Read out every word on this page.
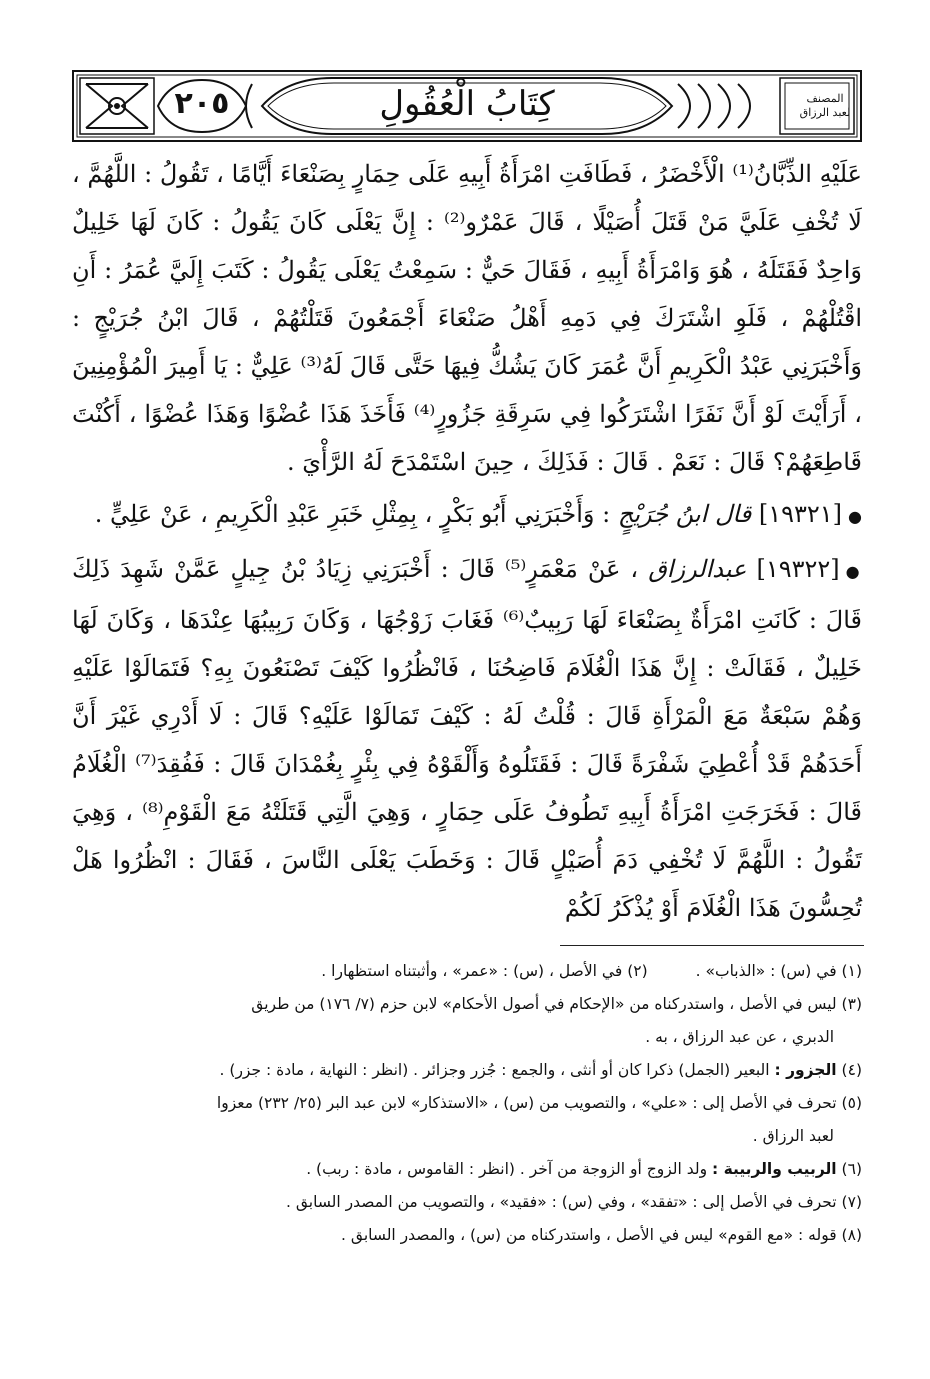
٢٠٥	كِتَابُ الْعُقُولِ	المصنف
لعبد الرزاق

عَلَيْهِ الذِّبَّانُ⁽¹⁾ الْأَخْضَرُ ، فَطَافَتِ امْرَأَةُ أَبِيهِ عَلَى حِمَارٍ بِصَنْعَاءَ أَيَّامًا ، تَقُولُ : اللَّهُمَّ ، لَا تُخْفِ عَلَيَّ مَنْ قَتَلَ أُصَيْلًا ، قَالَ عَمْرٌو⁽²⁾ : إِنَّ يَعْلَى كَانَ يَقُولُ : كَانَ لَهَا خَلِيلٌ وَاحِدٌ فَقَتَلَهُ ، هُوَ وَامْرَأَةُ أَبِيهِ ، فَقَالَ حَيٌّ : سَمِعْتُ يَعْلَى يَقُولُ : كَتَبَ إِلَيَّ عُمَرُ : أَنِ اقْتُلْهُمْ ، فَلَوِ اشْتَرَكَ فِي دَمِهِ أَهْلُ صَنْعَاءَ أَجْمَعُونَ قَتَلْتُهُمْ ، قَالَ ابْنُ جُرَيْجٍ : وَأَخْبَرَنِي عَبْدُ الْكَرِيمِ أَنَّ عُمَرَ كَانَ يَشُكُّ فِيهَا حَتَّى قَالَ لَهُ⁽³⁾ عَلِيٌّ : يَا أَمِيرَ الْمُؤْمِنِينَ ، أَرَأَيْتَ لَوْ أَنَّ نَفَرًا اشْتَرَكُوا فِي سَرِقَةِ جَزُورٍ⁽⁴⁾ فَأَخَذَ هَذَا عُضْوًا وَهَذَا عُضْوًا ، أَكُنْتَ قَاطِعَهُمْ؟ قَالَ : نَعَمْ . قَالَ : فَذَلِكَ ، حِينَ اسْتَمْدَحَ لَهُ الرَّأْيَ .

●[١٩٣٢١] قال ابنُ جُرَيْجٍ : وَأَخْبَرَنِي أَبُو بَكْرٍ ، بِمِثْلِ خَبَرِ عَبْدِ الْكَرِيمِ ، عَنْ عَلِيٍّ .

●[١٩٣٢٢] عبدالرزاق ، عَنْ مَعْمَرٍ⁽⁵⁾ قَالَ : أَخْبَرَنِي زِيَادُ بْنُ جِيلٍ عَمَّنْ شَهِدَ ذَلِكَ قَالَ : كَانَتِ امْرَأَةٌ بِصَنْعَاءَ لَهَا رَبِيبٌ⁽⁶⁾ فَغَابَ زَوْجُهَا ، وَكَانَ رَبِيبُهَا عِنْدَهَا ، وَكَانَ لَهَا خَلِيلٌ ، فَقَالَتْ : إِنَّ هَذَا الْغُلَامَ فَاضِحُنَا ، فَانْظُرُوا كَيْفَ تَصْنَعُونَ بِهِ؟ فَتَمَالَوْا عَلَيْهِ وَهُمْ سَبْعَةٌ مَعَ الْمَرْأَةِ قَالَ : قُلْتُ لَهُ : كَيْفَ تَمَالَوْا عَلَيْهِ؟ قَالَ : لَا أَدْرِي غَيْرَ أَنَّ أَحَدَهُمْ قَدْ أُعْطِيَ شَفْرَةً قَالَ : فَقَتَلُوهُ وَأَلْقَوْهُ فِي بِئْرٍ بِغُمْدَانَ قَالَ : فَفُقِدَ⁽⁷⁾ الْغُلَامُ قَالَ : فَخَرَجَتِ امْرَأَةُ أَبِيهِ تَطُوفُ عَلَى حِمَارٍ ، وَهِيَ الَّتِي قَتَلَتْهُ مَعَ الْقَوْمِ⁽⁸⁾ ، وَهِيَ تَقُولُ : اللَّهُمَّ لَا تُخْفِي دَمَ أُصَيْلٍ قَالَ : وَخَطَبَ يَعْلَى النَّاسَ ، فَقَالَ : انْظُرُوا هَلْ تُحِسُّونَ هَذَا الْغُلَامَ أَوْ يُذْكَرُ لَكُمْ

(١) في (س) : «الذباب» .

(٢) في الأصل ، (س) : «عمر» ، وأثبتناه استظهارا .

(٣) ليس في الأصل ، واستدركناه من «الإحكام في أصول الأحكام» لابن حزم (٧/ ١٧٦) من طريق

الدبري ، عن عبد الرزاق ، به .

(٤) الجزور : البعير (الجمل) ذكرا كان أو أنثى ، والجمع : جُزر وجزائر . (انظر : النهاية ، مادة : جزر) .

(٥) تحرف في الأصل إلى : «علي» ، والتصويب من (س) ، «الاستذكار» لابن عبد البر (٢٥/ ٢٣٢) معزوا

لعبد الرزاق .

(٦) الربيب والربيبة : ولد الزوج أو الزوجة من آخر . (انظر : القاموس ، مادة : ربب) .

(٧) تحرف في الأصل إلى : «تفقد» ، وفي (س) : «فقيد» ، والتصويب من المصدر السابق .

(٨) قوله : «مع القوم» ليس في الأصل ، واستدركناه من (س) ، والمصدر السابق .
